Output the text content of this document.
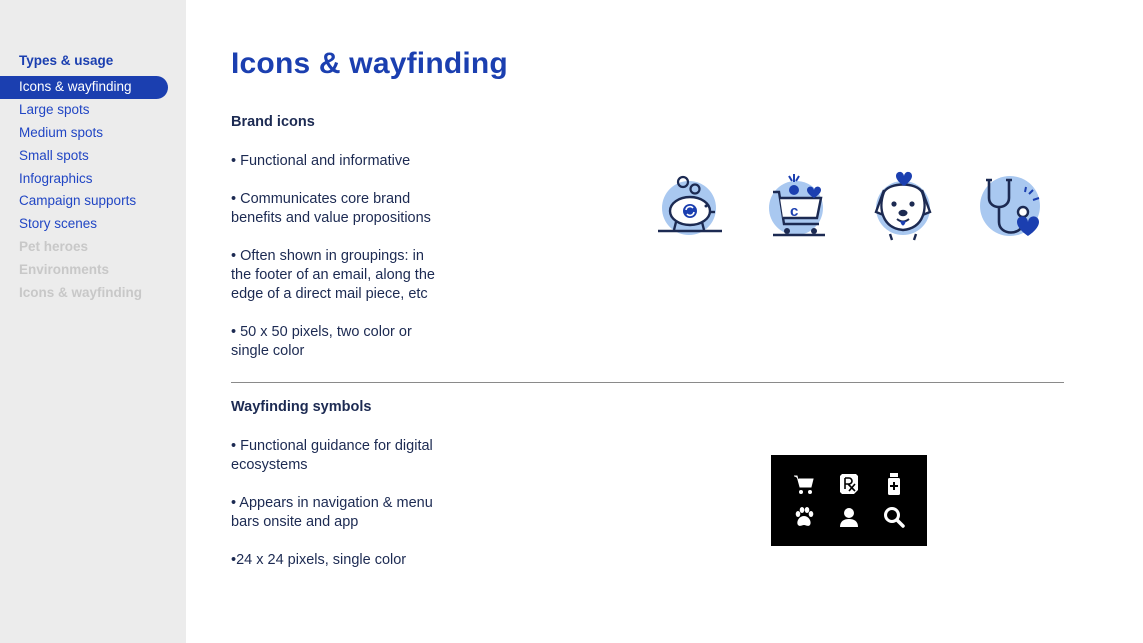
Types & usage
Icons & wayfinding
Large spots
Medium spots
Small spots
Infographics
Campaign supports
Story scenes
Pet heroes
Environments
Icons & wayfinding
Icons & wayfinding
Brand icons

• Functional and informative

• Communicates core brand benefits and value propositions

• Often shown in groupings: in the footer of an email, along the edge of a direct mail piece, etc

• 50 x 50 pixels, two color or single color

c
Wayfinding symbols

• Functional guidance for digital ecosystems

• Appears in navigation & menu bars onsite and app

•24 x 24 pixels, single color
